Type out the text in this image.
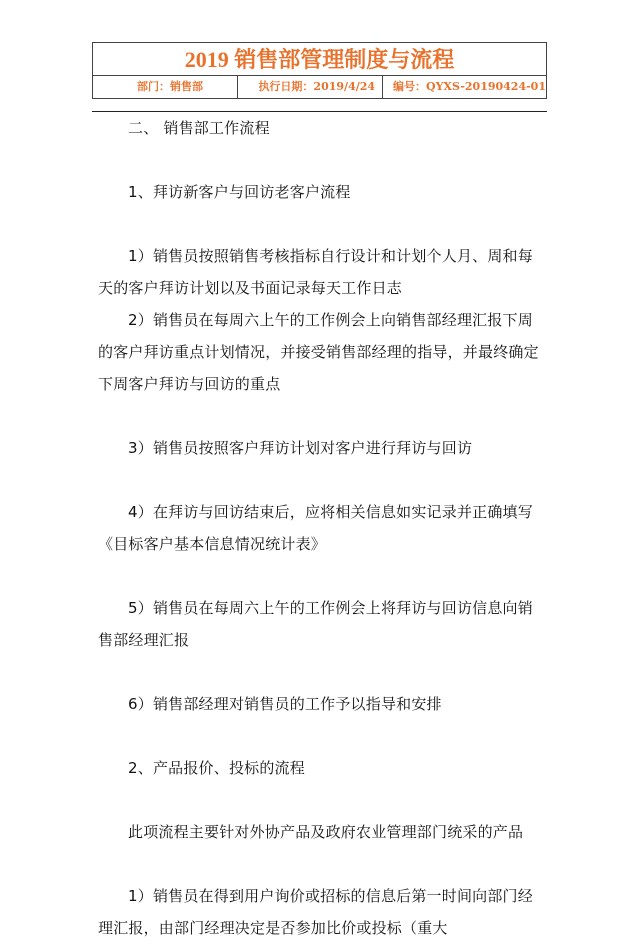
2019 销售部管理制度与流程
部门：销售部	执行日期：2019/4/24	编号：QYXS-20190424-01

二、 销售部工作流程

1、拜访新客户与回访老客户流程

1）销售员按照销售考核指标自行设计和计划个人月、周和每天的客户拜访计划以及书面记录每天工作日志

2）销售员在每周六上午的工作例会上向销售部经理汇报下周的客户拜访重点计划情况，并接受销售部经理的指导，并最终确定下周客户拜访与回访的重点

3）销售员按照客户拜访计划对客户进行拜访与回访

4）在拜访与回访结束后，应将相关信息如实记录并正确填写《目标客户基本信息情况统计表》

5）销售员在每周六上午的工作例会上将拜访与回访信息向销售部经理汇报

6）销售部经理对销售员的工作予以指导和安排

2、产品报价、投标的流程

此项流程主要针对外协产品及政府农业管理部门统采的产品

1）销售员在得到用户询价或招标的信息后第一时间向部门经理汇报，由部门经理决定是否参加比价或投标（重大
